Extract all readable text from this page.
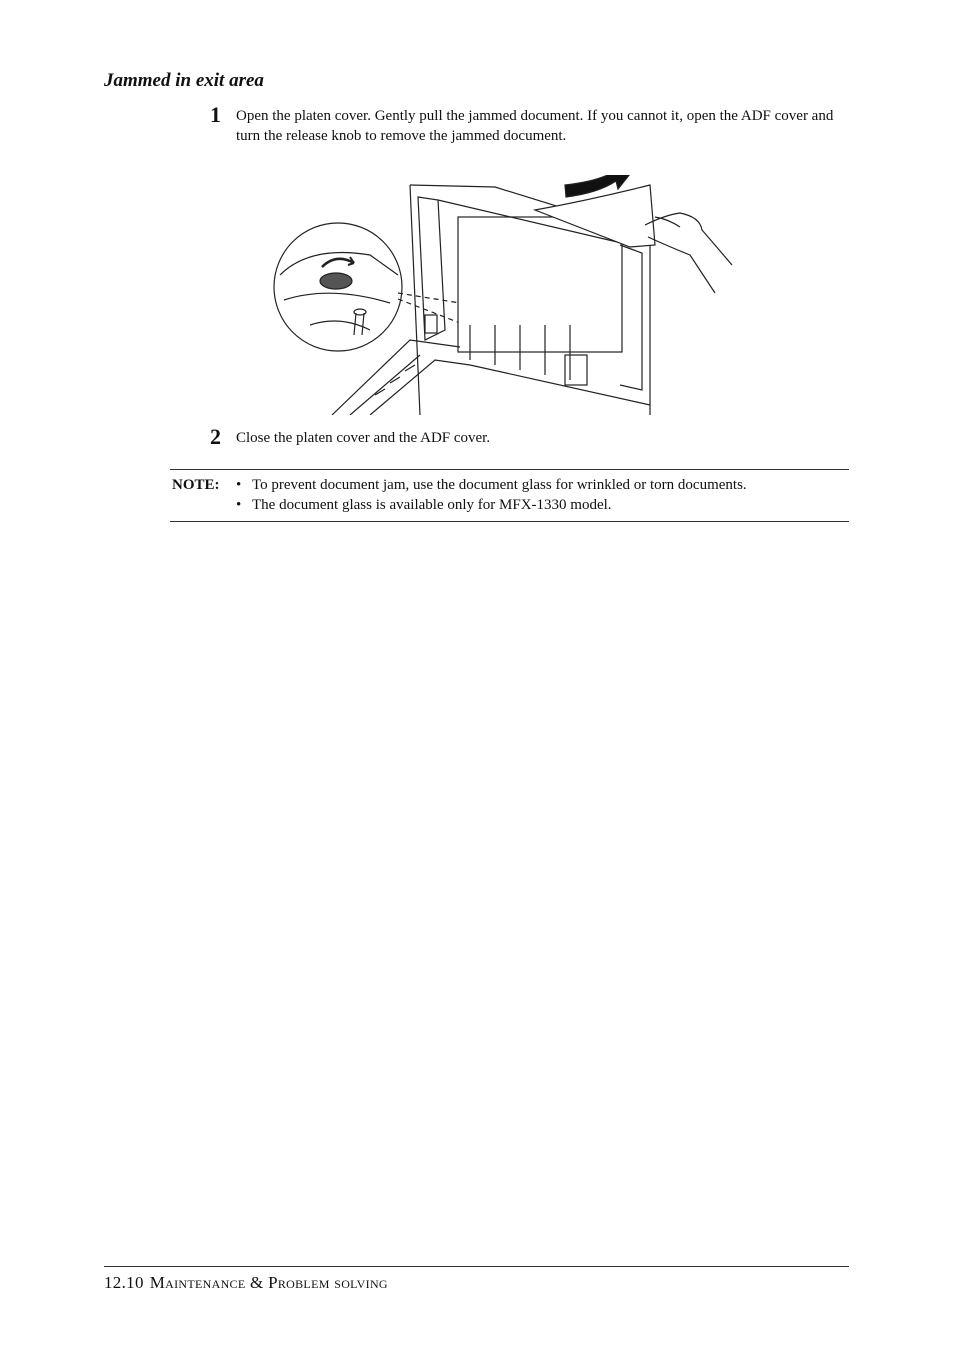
Jammed in exit area
1 Open the platen cover. Gently pull the jammed document. If you cannot it, open the ADF cover and turn the release knob to remove the jammed document.
2 Close the platen cover and the ADF cover.
NOTE: • To prevent document jam, use the document glass for wrinkled or torn documents.
• The document glass is available only for MFX-1330 model.
12.10 Maintenance & Problem solving
